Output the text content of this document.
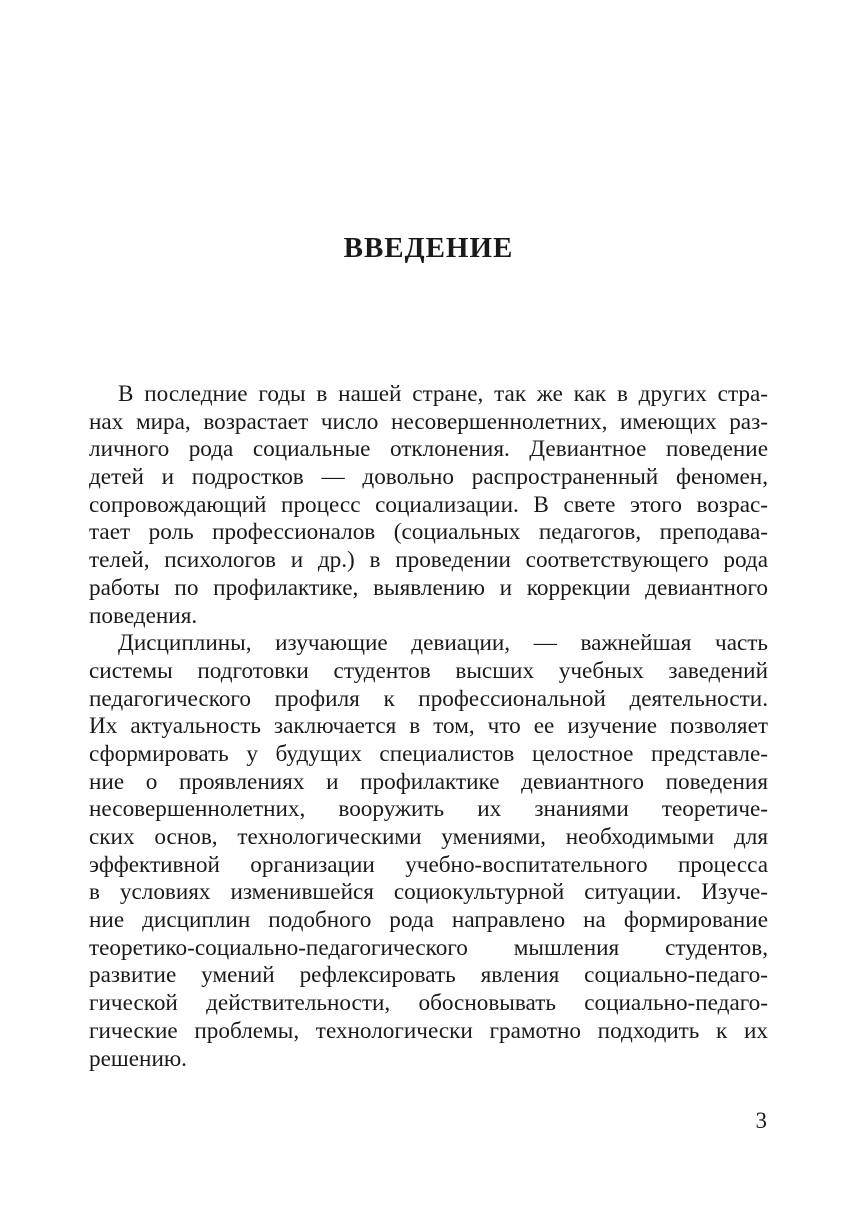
ВВЕДЕНИЕ
В последние годы в нашей стране, так же как в других стра-
нах мира, возрастает число несовершеннолетних, имеющих раз-
личного рода социальные отклонения. Девиантное поведение
детей и подростков — довольно распространенный феномен,
сопровождающий процесс социализации. В свете этого возрас-
тает роль профессионалов (социальных педагогов, преподава-
телей, психологов и др.) в проведении соответствующего рода
работы по профилактике, выявлению и коррекции девиантного
поведения.
Дисциплины, изучающие девиации, — важнейшая часть
системы подготовки студентов высших учебных заведений
педагогического профиля к профессиональной деятельности.
Их актуальность заключается в том, что ее изучение позволяет
сформировать у будущих специалистов целостное представле-
ние о проявлениях и профилактике девиантного поведения
несовершеннолетних, вооружить их знаниями теоретиче-
ских основ, технологическими умениями, необходимыми для
эффективной организации учебно-воспитательного процесса
в условиях изменившейся социокультурной ситуации. Изуче-
ние дисциплин подобного рода направлено на формирование
теоретико-социально-педагогического мышления студентов,
развитие умений рефлексировать явления социально-педаго-
гической действительности, обосновывать социально-педаго-
гические проблемы, технологически грамотно подходить к их
решению.
3
